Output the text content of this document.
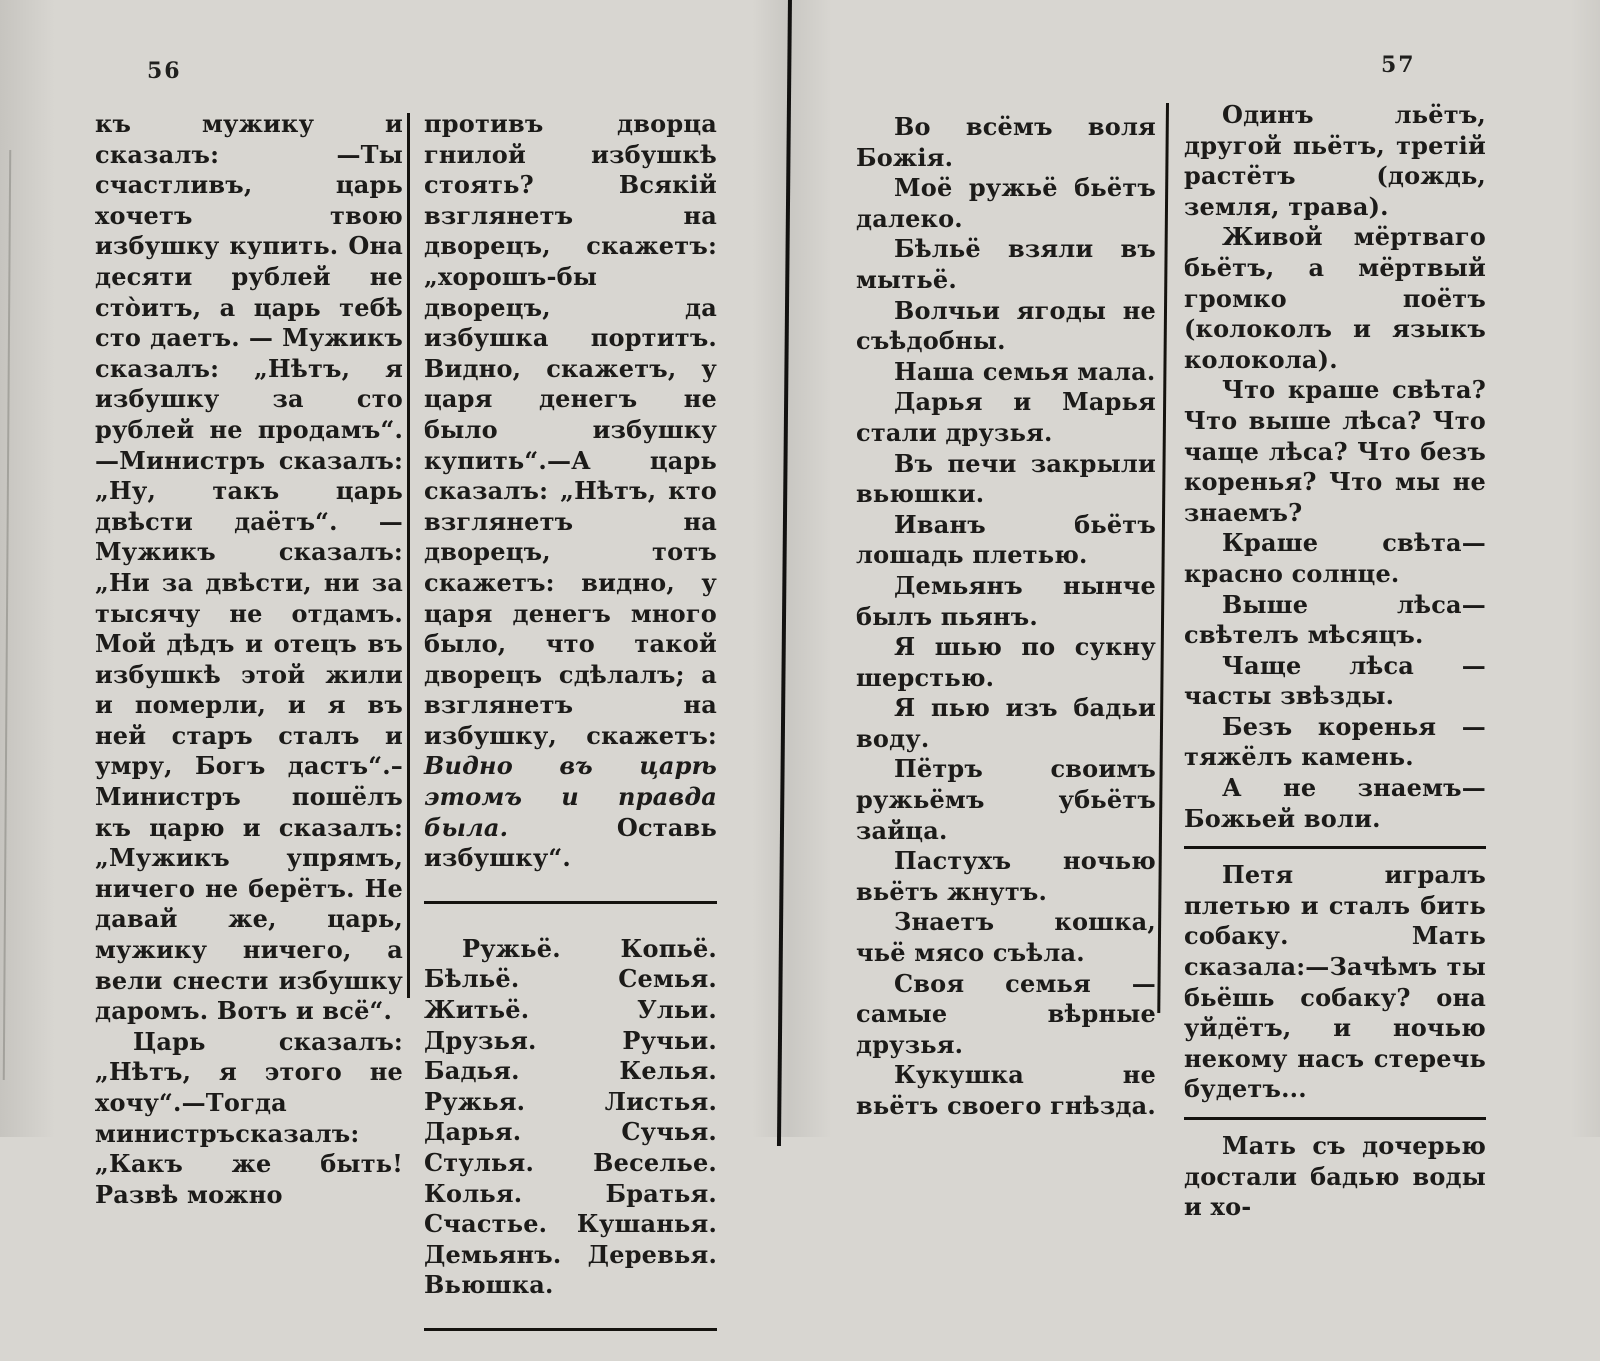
56

къ мужику и сказалъ: —Ты счастливъ, царь хочетъ твою избушку купить. Она десяти рублей не сто̀итъ, а царь тебѣ сто даетъ. — Мужикъ сказалъ: „Нѣтъ, я избушку за сто рублей не продамъ“.—Министръ сказалъ: „Ну, такъ царь двѣсти даётъ“. — Мужикъ сказалъ: „Ни за двѣсти, ни за тысячу не отдамъ. Мой дѣдъ и отецъ въ избушкѣ этой жили и померли, и я въ ней старъ сталъ и умру, Богъ дастъ“.–Министръ пошёлъ къ царю и сказалъ: „Мужикъ упрямъ, ничего не берётъ. Не давай же, царь, мужику ничего, а вели снести избушку даромъ. Вотъ и всё“.

Царь сказалъ: „Нѣтъ, я этого не хочу“.—Тогда министръсказалъ:„Какъ же быть! Развѣ можно

противъ дворца гнилой избушкѣ стоять? Всякій взглянетъ на дворецъ, скажетъ: „хорошъ-бы дворецъ, да избушка портитъ. Видно, скажетъ, у царя денегъ не было избушку купить“.—А царь сказалъ: „Нѣтъ, кто взглянетъ на дворецъ, тотъ скажетъ: видно, у царя денегъ много было, что такой дворецъ сдѣлалъ; а взглянетъ на избушку, скажетъ: Видно въ царѣ этомъ и правда была. Оставь избушку“.

Ружьё. Копьё. Бѣльё. Семья. Житьё. Ульи. Друзья. Ручьи. Бадья. Келья. Ружья. Листья. Дарья. Сучья. Стулья. Веселье. Колья. Братья. Счастье. Кушанья. Демьянъ. Деревья. Вьюшка.

57

Во всёмъ воля Божія.

Моё ружьё бьётъ далеко.

Бѣльё взяли въ мытьё.

Волчьи ягоды не съѣдобны.

Наша семья мала.

Дарья и Марья стали друзья.

Въ печи закрыли вьюшки.

Иванъ бьётъ лошадь плетью.

Демьянъ нынче былъ пьянъ.

Я шью по сукну шерстью.

Я пью изъ бадьи воду.

Пётръ своимъ ружьёмъ убьётъ зайца.

Пастухъ ночью вьётъ жнутъ.

Знаетъ кошка, чьё мясо съѣла.

Своя семья — самые вѣрные друзья.

Кукушка не вьётъ своего гнѣзда.

Одинъ льётъ, другой пьётъ, третій растётъ (дождь, земля, трава).

Живой мёртваго бьётъ, а мёртвый громко поётъ (колоколъ и языкъ колокола).

Что краше свѣта? Что выше лѣса? Что чаще лѣса? Что безъ коренья? Что мы не знаемъ?

Краше свѣта—красно солнце.

Выше лѣса—свѣтелъ мѣсяцъ.

Чаще лѣса — часты звѣзды.

Безъ коренья — тяжёлъ камень.

А не знаемъ—Божьей воли.

Петя игралъ плетью и сталъ бить собаку. Мать сказала:—Зачѣмъ ты бьёшь собаку? она уйдётъ, и ночью некому насъ стеречь будетъ...

Мать съ дочерью достали бадью воды и хо-
